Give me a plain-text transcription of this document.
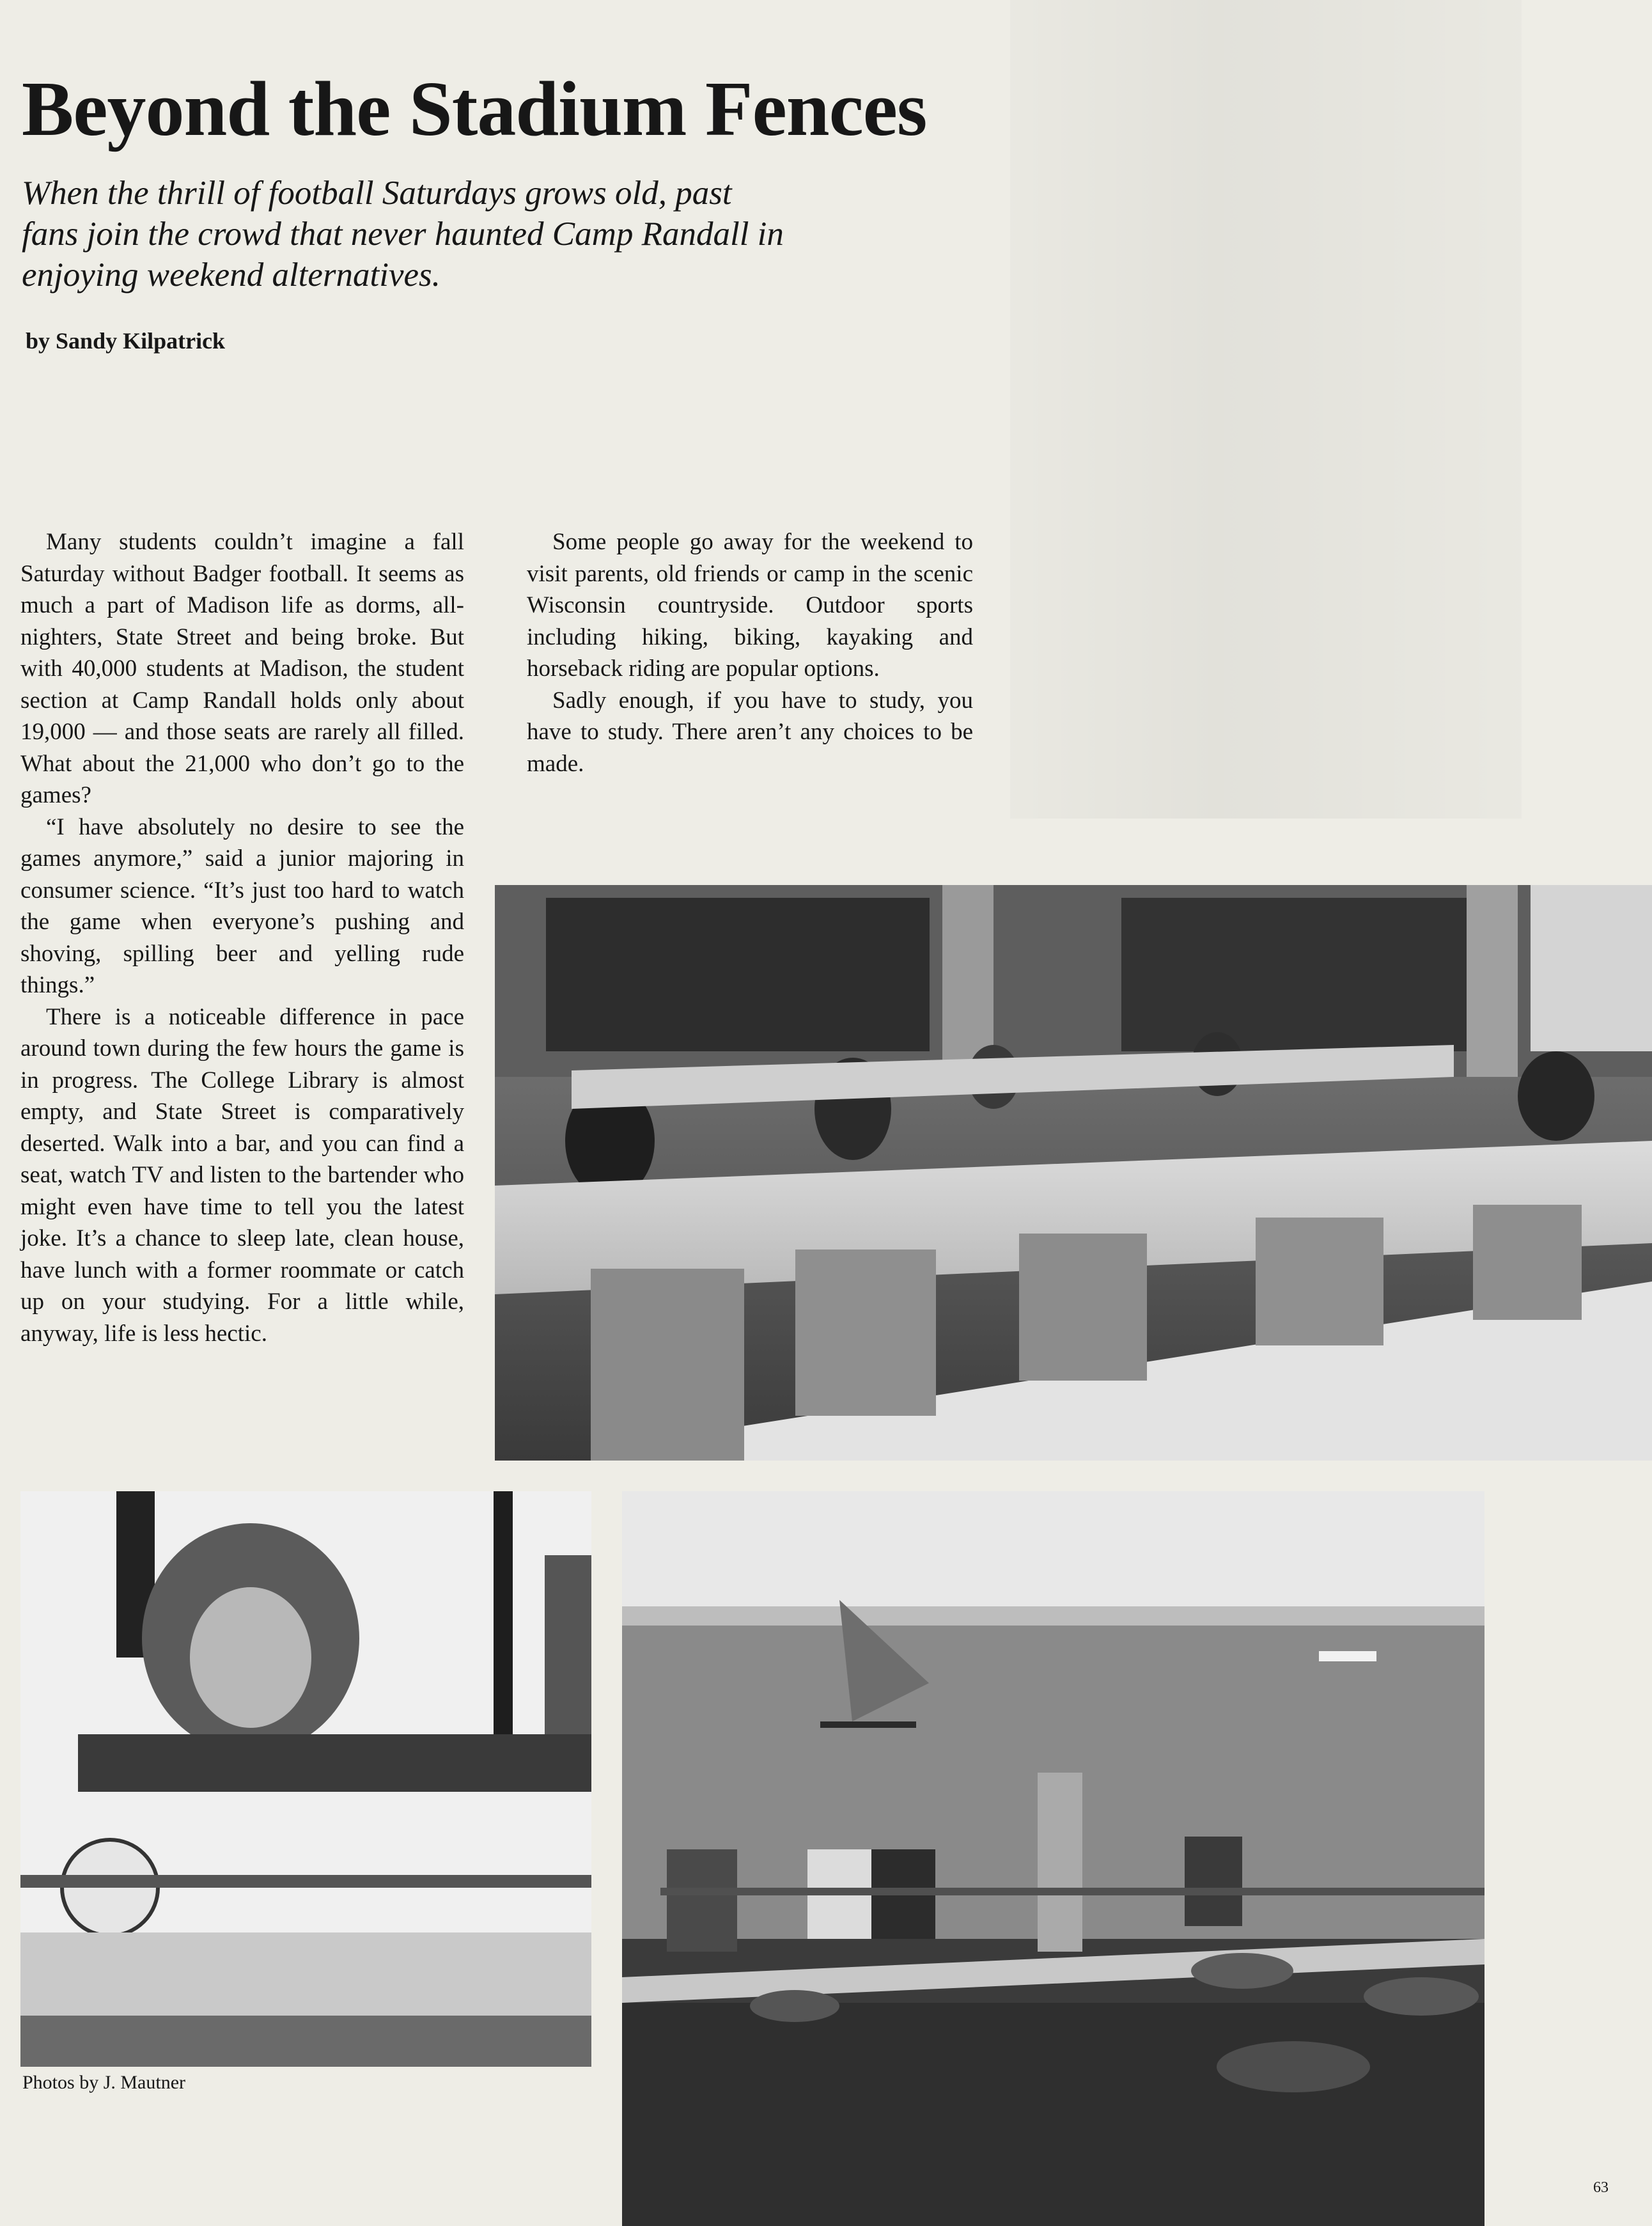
Beyond the Stadium Fences

When the thrill of football Saturdays grows old, past fans join the crowd that never haunted Camp Randall in enjoying weekend alternatives.

by Sandy Kilpatrick

Many students couldn’t imagine a fall Saturday without Badger football. It seems as much a part of Madison life as dorms, all-nighters, State Street and being broke. But with 40,000 students at Madison, the student section at Camp Randall holds only about 19,000 — and those seats are rarely all filled. What about the 21,000 who don’t go to the games?

“I have absolutely no desire to see the games anymore,” said a junior majoring in consumer science. “It’s just too hard to watch the game when everyone’s pushing and shoving, spilling beer and yelling rude things.”

There is a noticeable difference in pace around town during the few hours the game is in progress. The College Library is almost empty, and State Street is comparatively deserted. Walk into a bar, and you can find a seat, watch TV and listen to the bartender who might even have time to tell you the latest joke. It’s a chance to sleep late, clean house, have lunch with a former roommate or catch up on your studying. For a little while, anyway, life is less hectic.

Some people go away for the weekend to visit parents, old friends or camp in the scenic Wisconsin countryside. Outdoor sports including hiking, biking, kayaking and horseback riding are popular options.

Sadly enough, if you have to study, you have to study. There aren’t any choices to be made.

Photos by J. Mautner

63
